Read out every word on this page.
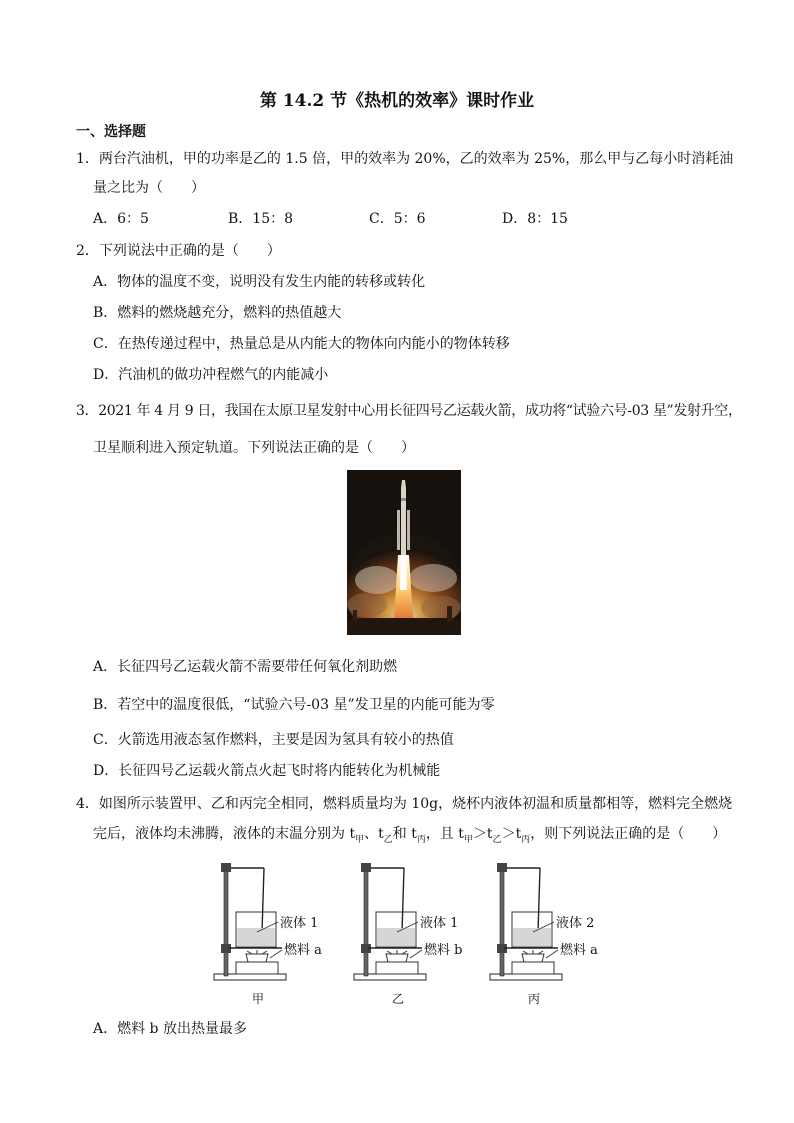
第 14.2 节《热机的效率》课时作业
一、选择题
1．两台汽油机，甲的功率是乙的 1.5 倍，甲的效率为 20%，乙的效率为 25%，那么甲与乙每小时消耗油
量之比为（　　）
A．6：5	B．15：8	C．5：6	D．8：15
2．下列说法中正确的是（　　）
A．物体的温度不变，说明没有发生内能的转移或转化
B．燃料的燃烧越充分，燃料的热值越大
C．在热传递过程中，热量总是从内能大的物体向内能小的物体转移
D．汽油机的做功冲程燃气的内能减小
3．2021 年 4 月 9 日，我国在太原卫星发射中心用长征四号乙运载火箭，成功将“试验六号-03 星”发射升空，
卫星顺利进入预定轨道。下列说法正确的是（　　）
A．长征四号乙运载火箭不需要带任何氧化剂助燃
B．若空中的温度很低，“试验六号-03 星”发卫星的内能可能为零
C．火箭选用液态氢作燃料，主要是因为氢具有较小的热值
D．长征四号乙运载火箭点火起飞时将内能转化为机械能
4．如图所示装置甲、乙和丙完全相同，燃料质量均为 10g，烧杯内液体初温和质量都相等，燃料完全燃烧
完后，液体均未沸腾，液体的末温分别为 $t_甲$、$t_乙$和 $t_丙$，且 $t_甲>t_乙>t_丙$，则下列说法正确的是（　　）
液体 1
燃料 a
甲
液体 1
燃料 b
乙
液体 2
燃料 a
丙
A．燃料 b 放出热量最多
